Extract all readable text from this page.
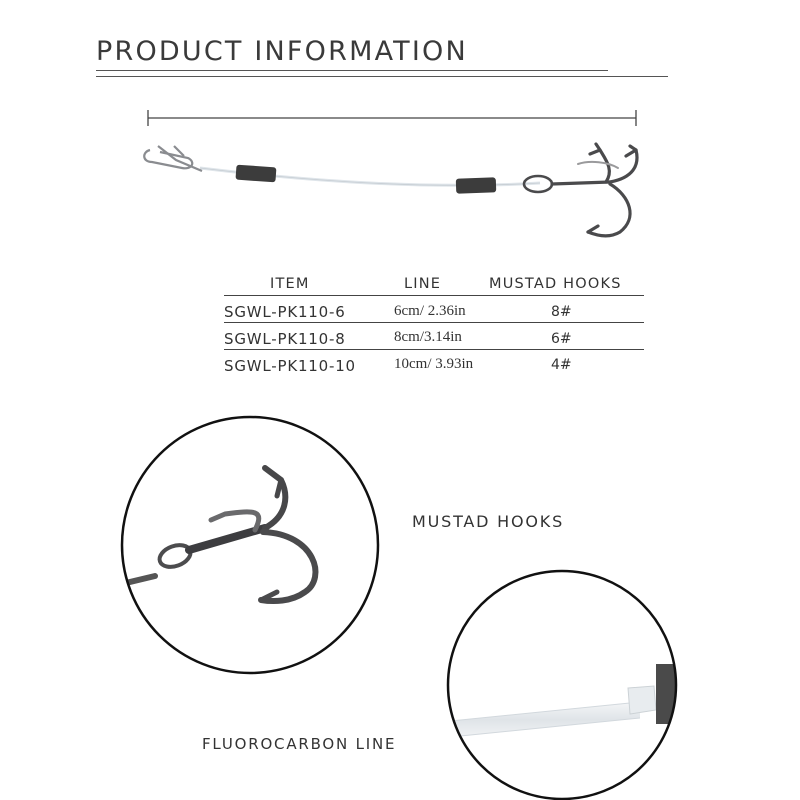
PRODUCT INFORMATION
ITEM	LINE	MUSTAD HOOKS
SGWL-PK110-6	6cm/ 2.36in	8#
SGWL-PK110-8	8cm/3.14in	6#
SGWL-PK110-10	10cm/ 3.93in	4#
MUSTAD HOOKS
FLUOROCARBON LINE
